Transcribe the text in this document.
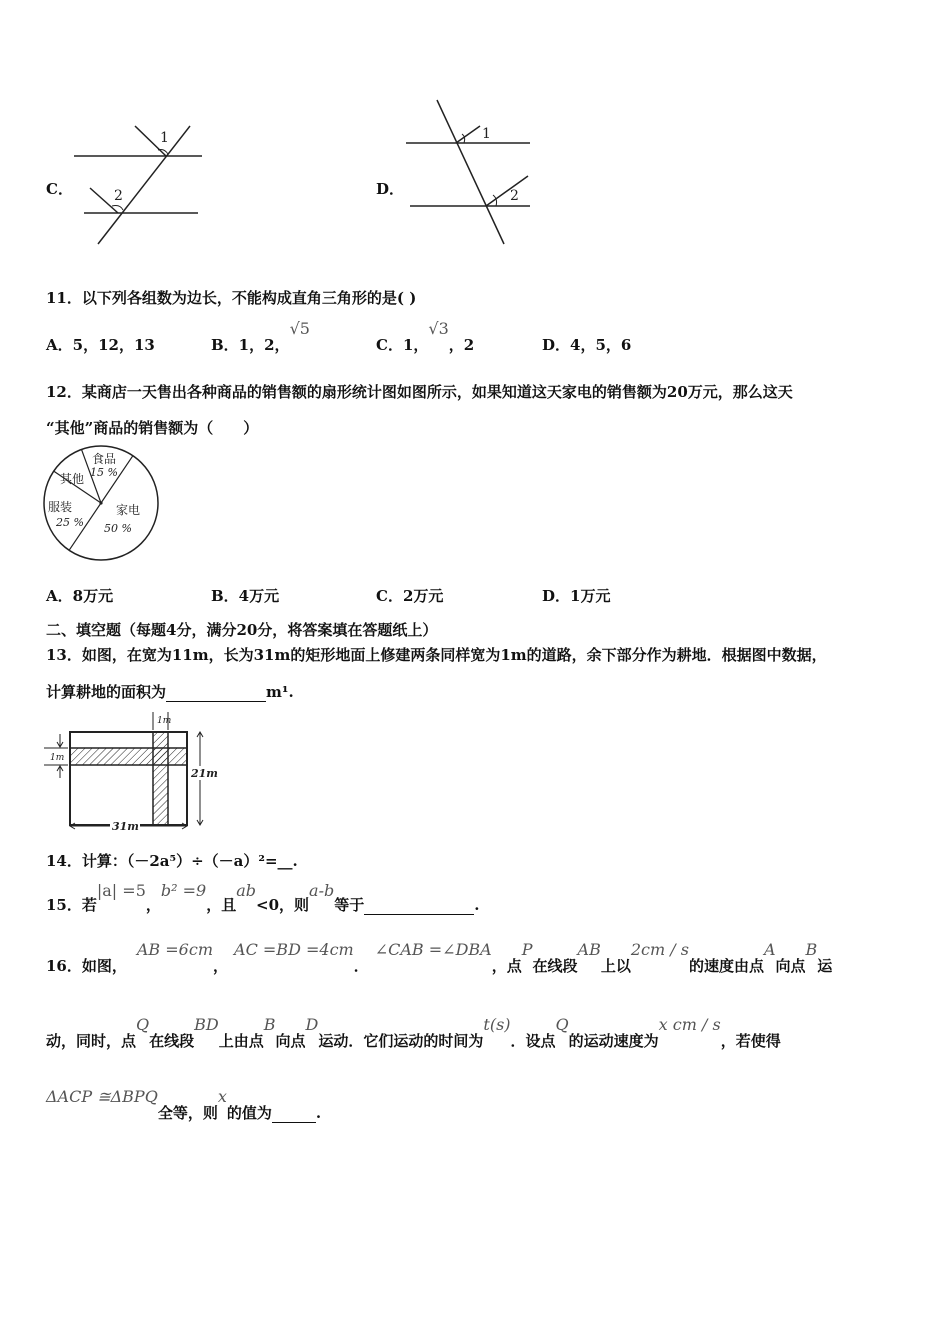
C．
1
2	D．
1
2
11．以下列各组数为边长，不能构成直角三角形的是( )
A．5，12，13	B．1，2，√5
C．1，√3，2	D．4，5，6
12．某商店一天售出各种商品的销售额的扇形统计图如图所示，如果知道这天家电的销售额为20万元，那么这天
“其他”商品的销售额为（　　）
食品
15 %
其他
服装
25 %
家电
50 %
A．8万元	B．4万元	C．2万元	D．1万元
二、填空题（每题4分，满分20分，将答案填在答题纸上）
13．如图，在宽为11m，长为31m的矩形地面上修建两条同样宽为1m的道路，余下部分作为耕地．根据图中数据，
计算耕地的面积为	m¹.
1m
1m
21m
31m
14．计算：（－2a⁵）÷（－a）²=__.
15．若|a| =5，b² =9，且ab<0，则a-b等于	.
16．如图，AB =6cm，AC =BD =4cm．∠CAB =∠DBA，点P在线段AB上以2cm / s的速度由点A向点B运
动，同时，点Q在线段BD上由点B向点D运动．它们运动的时间为t(s)．设点Q的运动速度为x cm / s，若使得
ΔACP ≅ΔBPQ全等，则x的值为	.
